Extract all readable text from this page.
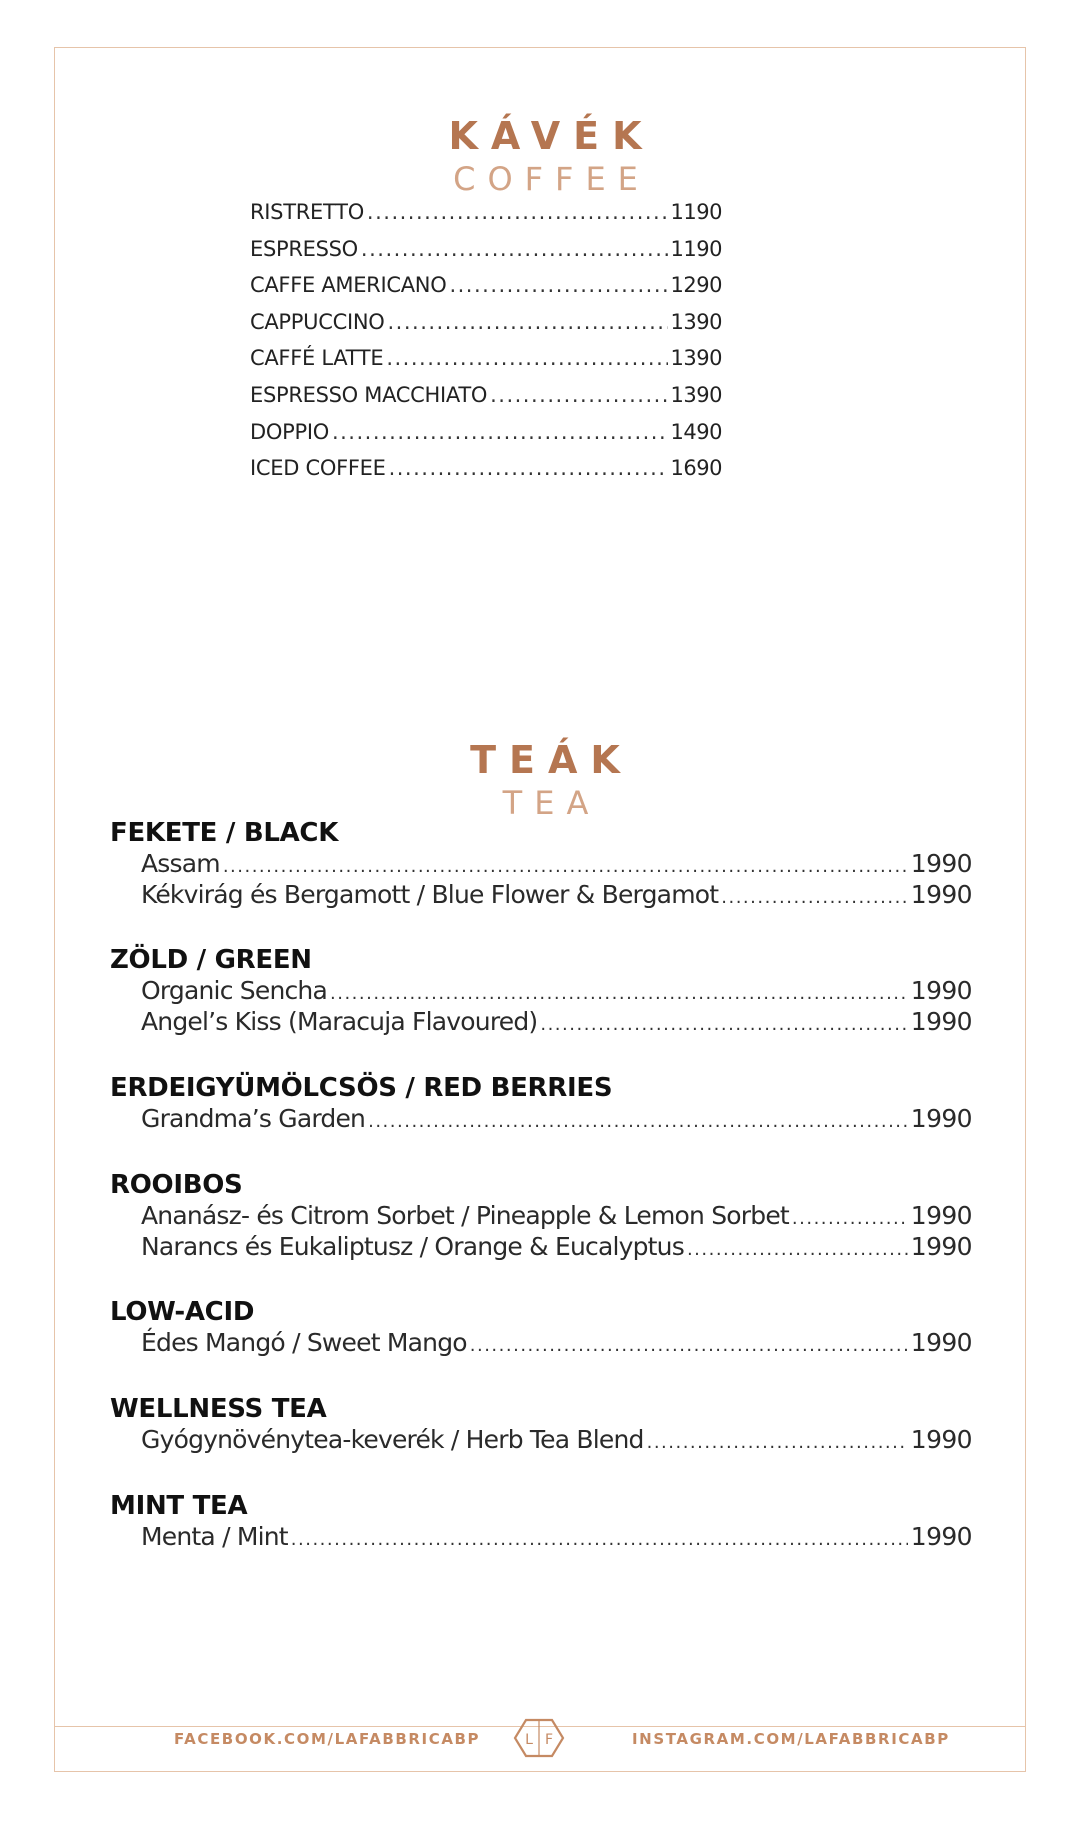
KÁVÉK
COFFEE
RISTRETTO .....	1190
ESPRESSO .....	1190
CAFFE AMERICANO .....	1290
CAPPUCCINO .....	1390
CAFFÉ LATTE .....	1390
ESPRESSO MACCHIATO .....	1390
DOPPIO .....	1490
ICED COFFEE .....	1690
TEÁK
TEA
FEKETE / BLACK
Assam .....	1990
Kékvirág és Bergamott / Blue Flower & Bergamot .....	1990
ZÖLD / GREEN
Organic Sencha .....	1990
Angel’s Kiss (Maracuja Flavoured) .....	1990
ERDEIGYÜMÖLCSÖS / RED BERRIES
Grandma’s Garden .....	1990
ROOIBOS
Ananász- és Citrom Sorbet / Pineapple & Lemon Sorbet .....	1990
Narancs és Eukaliptusz / Orange & Eucalyptus .....	1990
LOW-ACID
Édes Mangó / Sweet Mango .....	1990
WELLNESS TEA
Gyógynövénytea-keverék / Herb Tea Blend .....	1990
MINT TEA
Menta / Mint .....	1990
FACEBOOK.COM/LAFABBRICABP	L F	INSTAGRAM.COM/LAFABBRICABP
